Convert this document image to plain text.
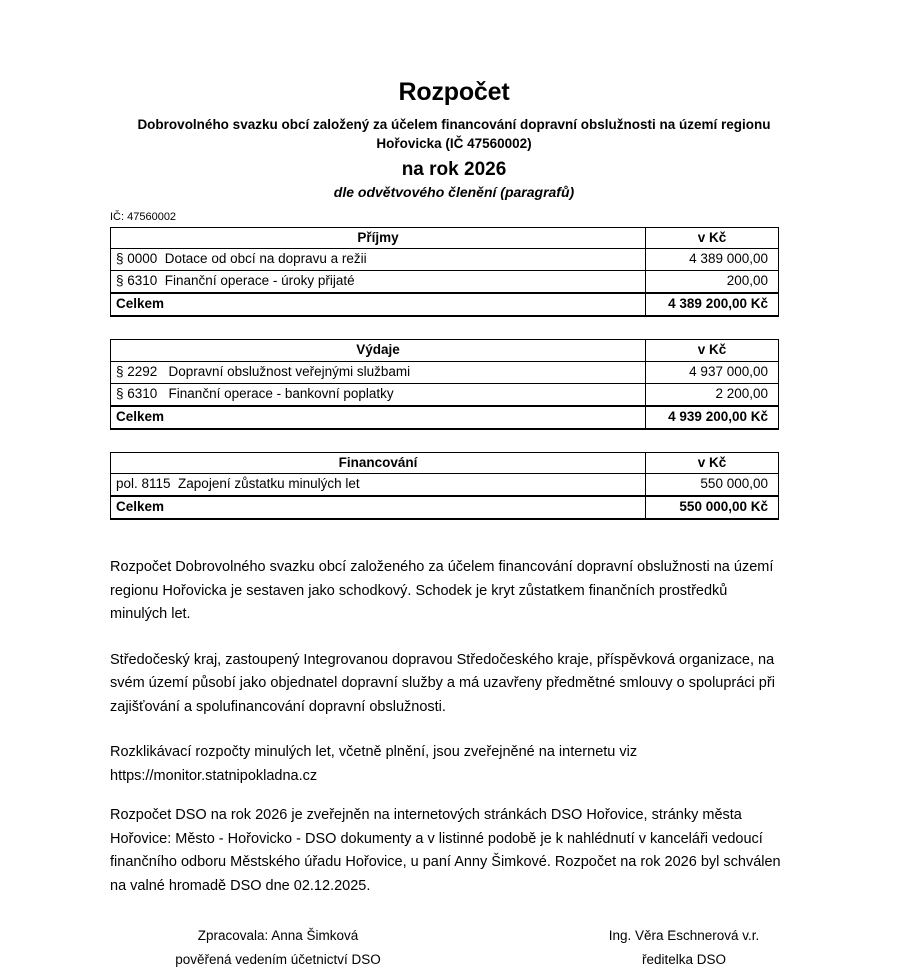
Rozpočet
Dobrovolného svazku obcí založený za účelem financování dopravní obslužnosti na území regionu Hořovicka (IČ 47560002)
na rok 2026
dle odvětvového členění (paragrafů)
IČ: 47560002
Příjmy	v Kč
§ 0000  Dotace od obcí na dopravu a režii	4 389 000,00
§ 6310  Finanční operace - úroky přijaté	200,00
Celkem	4 389 200,00 Kč
Výdaje	v Kč
§ 2292   Dopravní obslužnost veřejnými službami	4 937 000,00
§ 6310   Finanční operace - bankovní poplatky	2 200,00
Celkem	4 939 200,00 Kč
Financování	v Kč
pol. 8115  Zapojení zůstatku minulých let	550 000,00
Celkem	550 000,00 Kč

Rozpočet Dobrovolného svazku obcí založeného za účelem financování dopravní obslužnosti na území regionu Hořovicka je sestaven jako schodkový. Schodek je kryt zůstatkem finančních prostředků minulých let.

Středočeský kraj, zastoupený Integrovanou dopravou Středočeského kraje, příspěvková organizace, na svém území působí jako objednatel dopravní služby a má uzavřeny předmětné smlouvy o spolupráci při zajišťování a spolufinancování dopravní obslužnosti.

Rozklikávací rozpočty minulých let, včetně plnění, jsou zveřejněné na internetu viz https://monitor.statnipokladna.cz

Rozpočet DSO na rok 2026 je zveřejněn na internetových stránkách DSO Hořovice, stránky města Hořovice: Město - Hořovicko - DSO dokumenty a v listinné podobě je k nahlédnutí v kanceláři vedoucí finančního odboru Městského úřadu Hořovice, u paní Anny Šimkové. Rozpočet na rok 2026 byl schválen na valné hromadě DSO dne 02.12.2025.

Zpracovala: Anna Šimková
pověřená vedením účetnictví DSO
Ing. Věra Eschnerová v.r.
ředitelka DSO
